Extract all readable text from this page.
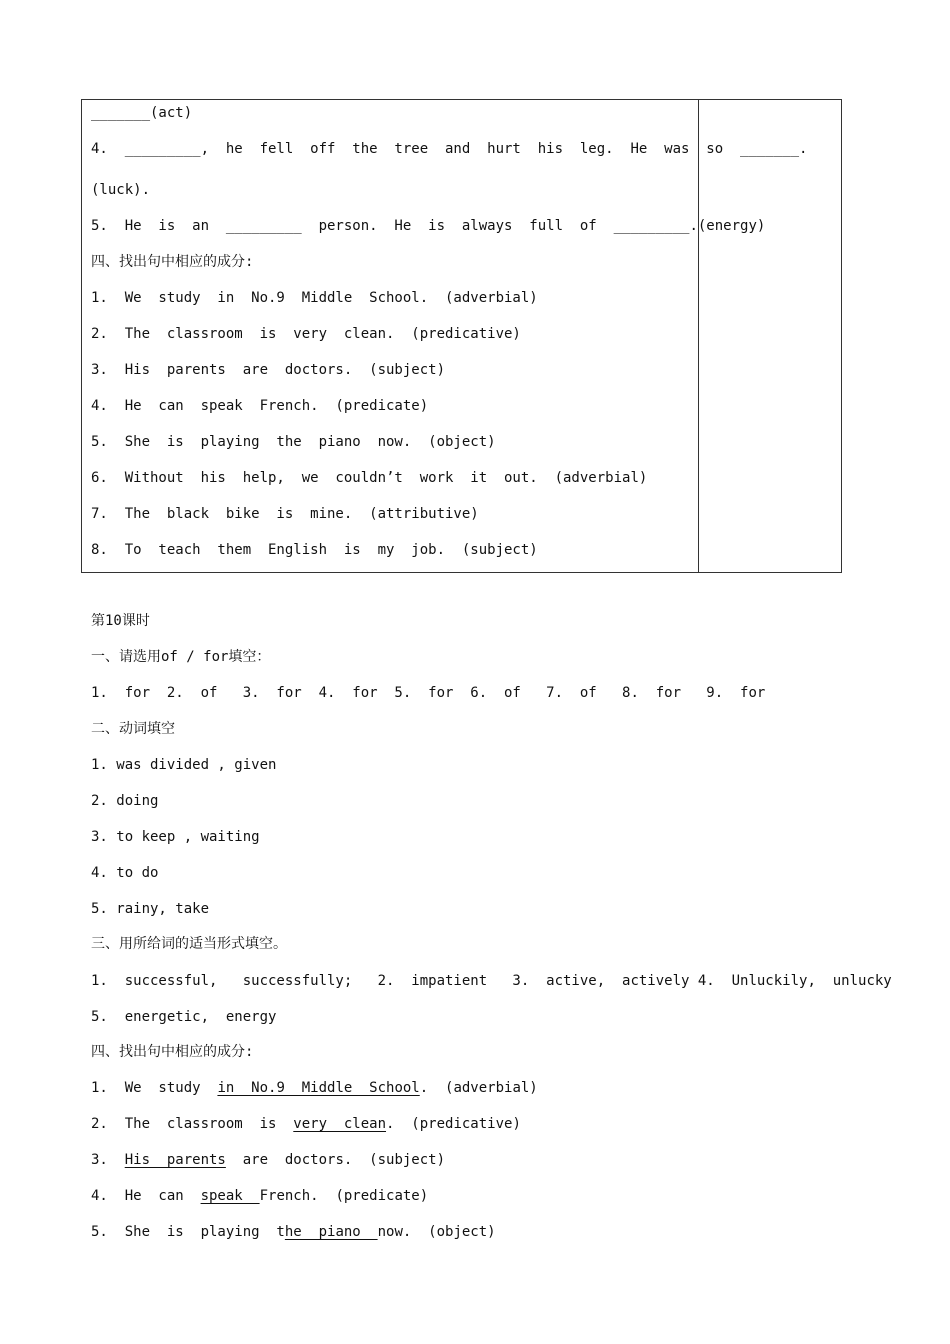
_______(act)
4.  _________,  he  fell  off  the  tree  and  hurt  his  leg.  He  was  so  _______.
(luck).
5.  He  is  an  _________  person.  He  is  always  full  of  _________.(energy)
四、找出句中相应的成分:
1.  We  study  in  No.9  Middle  School.  (adverbial)
2.  The  classroom  is  very  clean.  (predicative)
3.  His  parents  are  doctors.  (subject)
4.  He  can  speak  French.  (predicate)
5.  She  is  playing  the  piano  now.  (object)
6.  Without  his  help,  we  couldn’t  work  it  out.  (adverbial)
7.  The  black  bike  is  mine.  (attributive)
8.  To  teach  them  English  is  my  job.  (subject)
第10课时
一、请选用of / for填空：
1.  for  2.  of   3.  for  4.  for  5.  for  6.  of   7.  of   8.  for   9.  for
二、动词填空
1. was divided , given
2. doing
3. to keep , waiting
4. to do
5. rainy, take
三、用所给词的适当形式填空。
1.  successful,   successfully;   2.  impatient   3.  active,  actively 4.  Unluckily,  unlucky
5.  energetic,  energy
四、找出句中相应的成分:
1.  We  study  in  No.9  Middle  School.  (adverbial)
2.  The  classroom  is  very  clean.  (predicative)
3.  His  parents  are  doctors.  (subject)
4.  He  can  speak  French.  (predicate)
5.  She  is  playing  the  piano  now.  (object)
